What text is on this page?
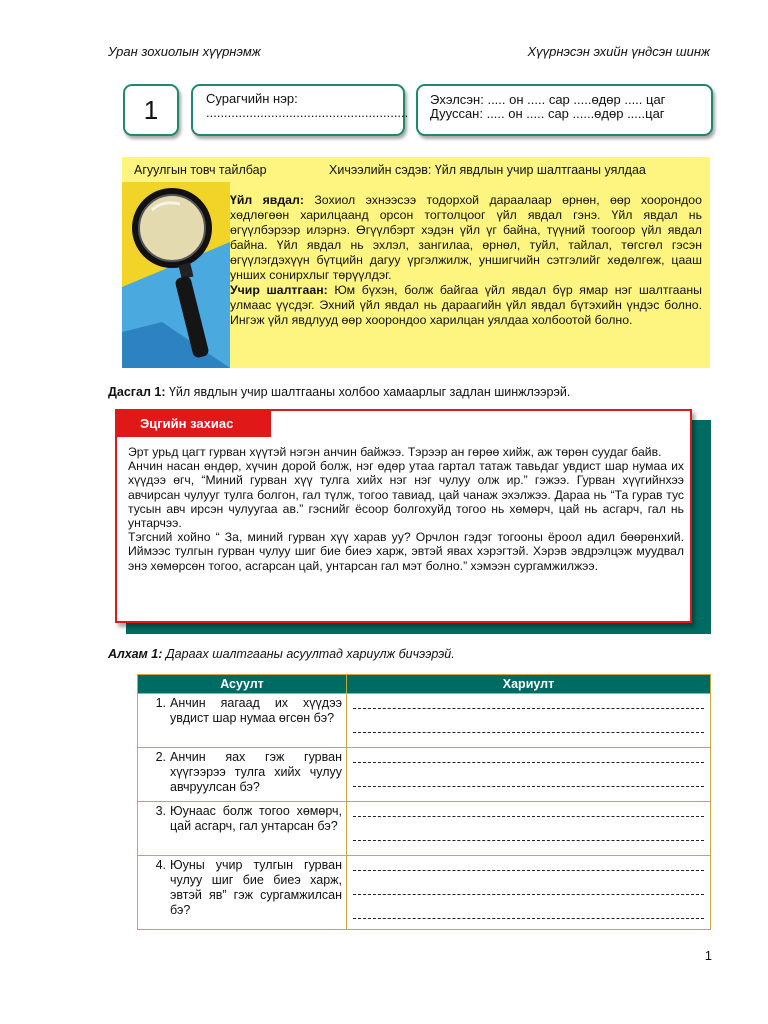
Уран зохиолын хүүрнэмж	Хүүрнэсэн эхийн үндсэн шинж
1	Сурагчийн нэр:
........................................................
Эхэлсэн: ..... он ..... сар .....өдөр ..... цаг
Дууссан: ..... он ..... сар ......өдөр .....цаг
Агуулгын товч тайлбар	Хичээлийн сэдэв: Үйл явдлын учир шалтгааны уялдаа
Үйл явдал: Зохиол эхнээсээ тодорхой дараалаар өрнөн, өөр хоорондоо хөдлөгөөн харилцаанд орсон тогтолцоог үйл явдал гэнэ. Үйл явдал нь өгүүлбэрээр илэрнэ. Өгүүлбэрт хэдэн үйл үг байна, түүний тоогоор үйл явдал байна. Үйл явдал нь эхлэл, зангилаа, өрнөл, туйл, тайлал, төгсгөл гэсэн өгүүлэгдэхүүн бүтцийн дагуу үргэлжилж, уншигчийн сэтгэлийг хөдөлгөж, цааш унших сонирхлыг төрүүлдэг.
Учир шалтгаан: Юм бүхэн, болж байгаа үйл явдал бүр ямар нэг шалтгааны улмаас үүсдэг. Эхний үйл явдал нь дараагийн үйл явдал бүтэхийн үндэс болно. Ингэж үйл явдлууд өөр хоорондоо харилцан уялдаа холбоотой болно.
Дасгал 1: Үйл явдлын учир шалтгааны холбоо хамаарлыг задлан шинжлээрэй.
Эцгийн захиас
Эрт урьд цагт гурван хүүтэй нэгэн анчин байжээ. Тэрээр ан гөрөө хийж, аж төрөн суудаг байв.
Анчин насан өндөр, хүчин дорой болж, нэг өдөр утаа гартал татаж тавьдаг увдист шар нумаа их хүүдээ өгч, “Миний гурван хүү тулга хийх нэг нэг чулуу олж ир.” гэжээ. Гурван хүүгийнхээ авчирсан чулууг тулга болгон, гал түлж, тогоо тавиад, цай чанаж эхэлжээ. Дараа нь “Та гурав тус тусын авч ирсэн чулуугаа ав.” гэснийг ёсоор болгохуйд тогоо нь хөмөрч, цай нь асгарч, гал нь унтарчээ.
Тэгсний хойно “ За, миний гурван хүү харав уу? Орчлон гэдэг тогооны ёроол адил бөөрөнхий. Иймээс тулгын гурван чулуу шиг бие биеэ харж, эвтэй явах хэрэгтэй. Хэрэв эвдрэлцэж муудвал энэ хөмөрсөн тогоо, асгарсан цай, унтарсан гал мэт болно.” хэмээн сургамжилжээ.
Алхам 1: Дараах шалтгааны асуултад хариулж бичээрэй.
Асуулт	Хариулт

1. Анчин яагаад их хүүдээ увдист шар нумаа өгсөн бэ?	

2. Анчин яах гэж гурван хүүгээрээ тулга хийх чулуу авчруулсан бэ?	

3. Юунаас болж тогоо хөмөрч, цай асгарч, гал унтарсан бэ?	

4. Юуны учир тулгын гурван чулуу шиг бие биеэ харж, эвтэй яв” гэж сургамжилсан бэ?	

1
